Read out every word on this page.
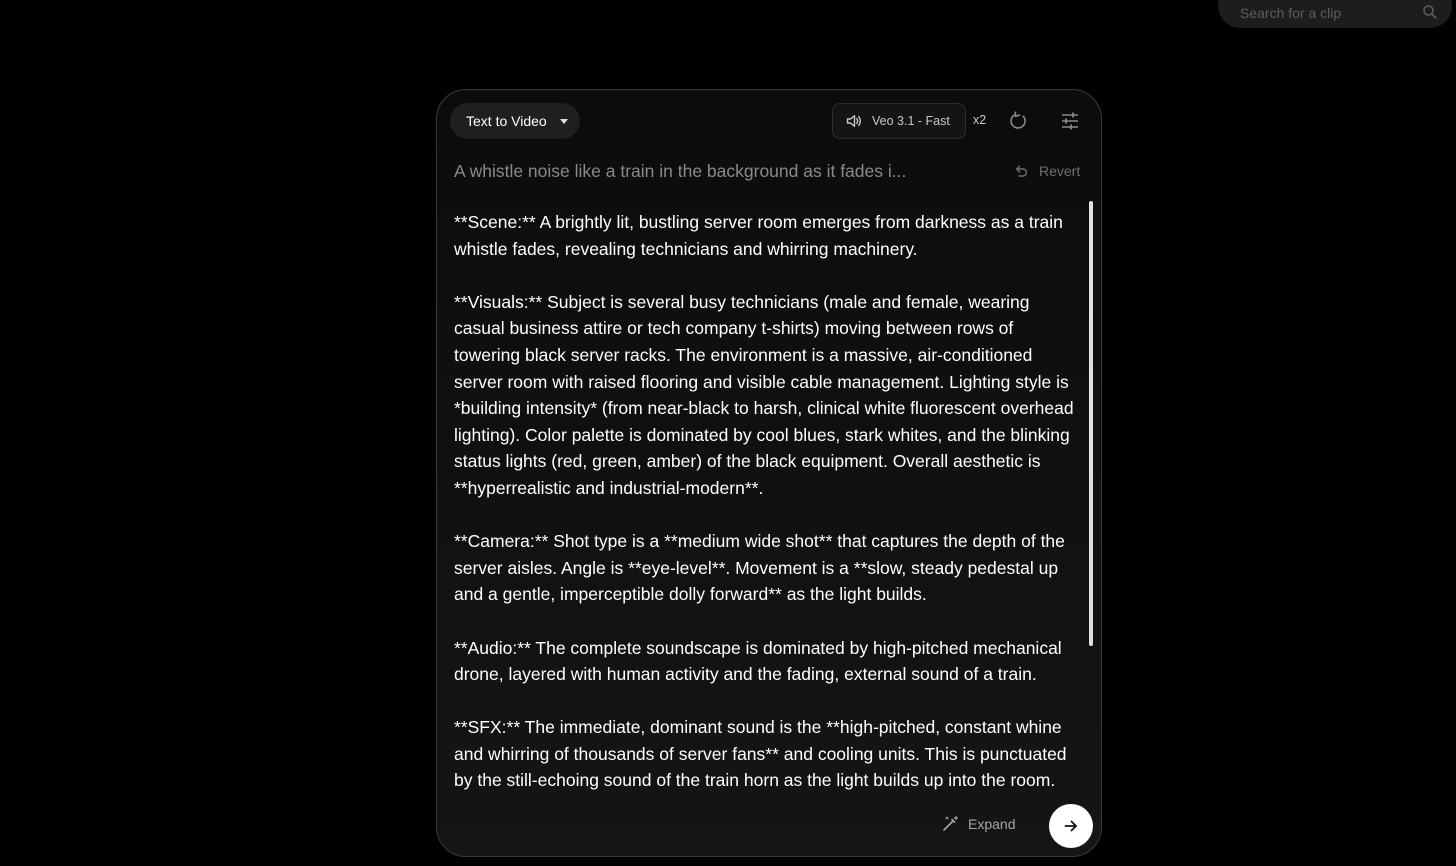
Search for a clip
Text to Video	Veo 3.1 - Fast x2
A whistle noise like a train in the background as it fades i...	Revert

**Scene:** A brightly lit, bustling server room emerges from darkness as a train whistle fades, revealing technicians and whirring machinery.

**Visuals:** Subject is several busy technicians (male and female, wearing casual business attire or tech company t-shirts) moving between rows of towering black server racks. The environment is a massive, air-conditioned server room with raised flooring and visible cable management. Lighting style is *building intensity* (from near-black to harsh, clinical white fluorescent overhead lighting). Color palette is dominated by cool blues, stark whites, and the blinking status lights (red, green, amber) of the black equipment. Overall aesthetic is **hyperrealistic and industrial-modern**.

**Camera:** Shot type is a **medium wide shot** that captures the depth of the server aisles. Angle is **eye-level**. Movement is a **slow, steady pedestal up and a gentle, imperceptible dolly forward** as the light builds.

**Audio:** The complete soundscape is dominated by high-pitched mechanical drone, layered with human activity and the fading, external sound of a train.

**SFX:** The immediate, dominant sound is the **high-pitched, constant whine and whirring of thousands of server fans** and cooling units. This is punctuated by the still-echoing sound of the train horn as the light builds up into the room.

Expand
